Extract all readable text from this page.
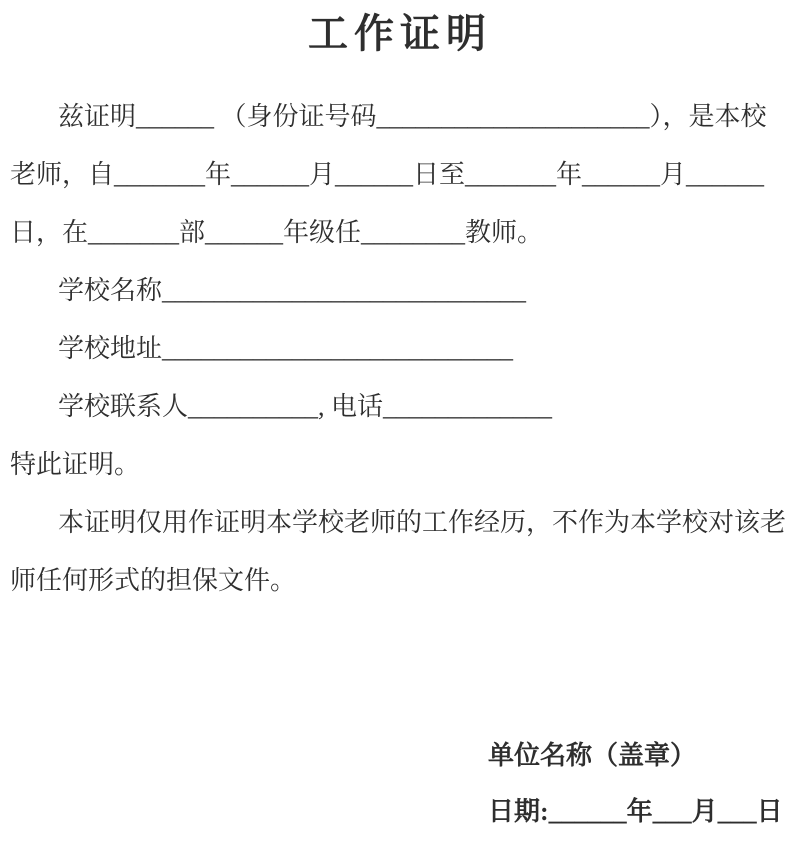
工作证明
兹证明______ （身份证号码_____________________），是本校
老师，自_______年______月______日至_______年______月______
日，在_______部______年级任________教师。
学校名称____________________________
学校地址___________________________
学校联系人__________, 电话_____________
特此证明。
本证明仅用作证明本学校老师的工作经历，不作为本学校对该老
师任何形式的担保文件。
单位名称（盖章）
日期:______年___月___日
